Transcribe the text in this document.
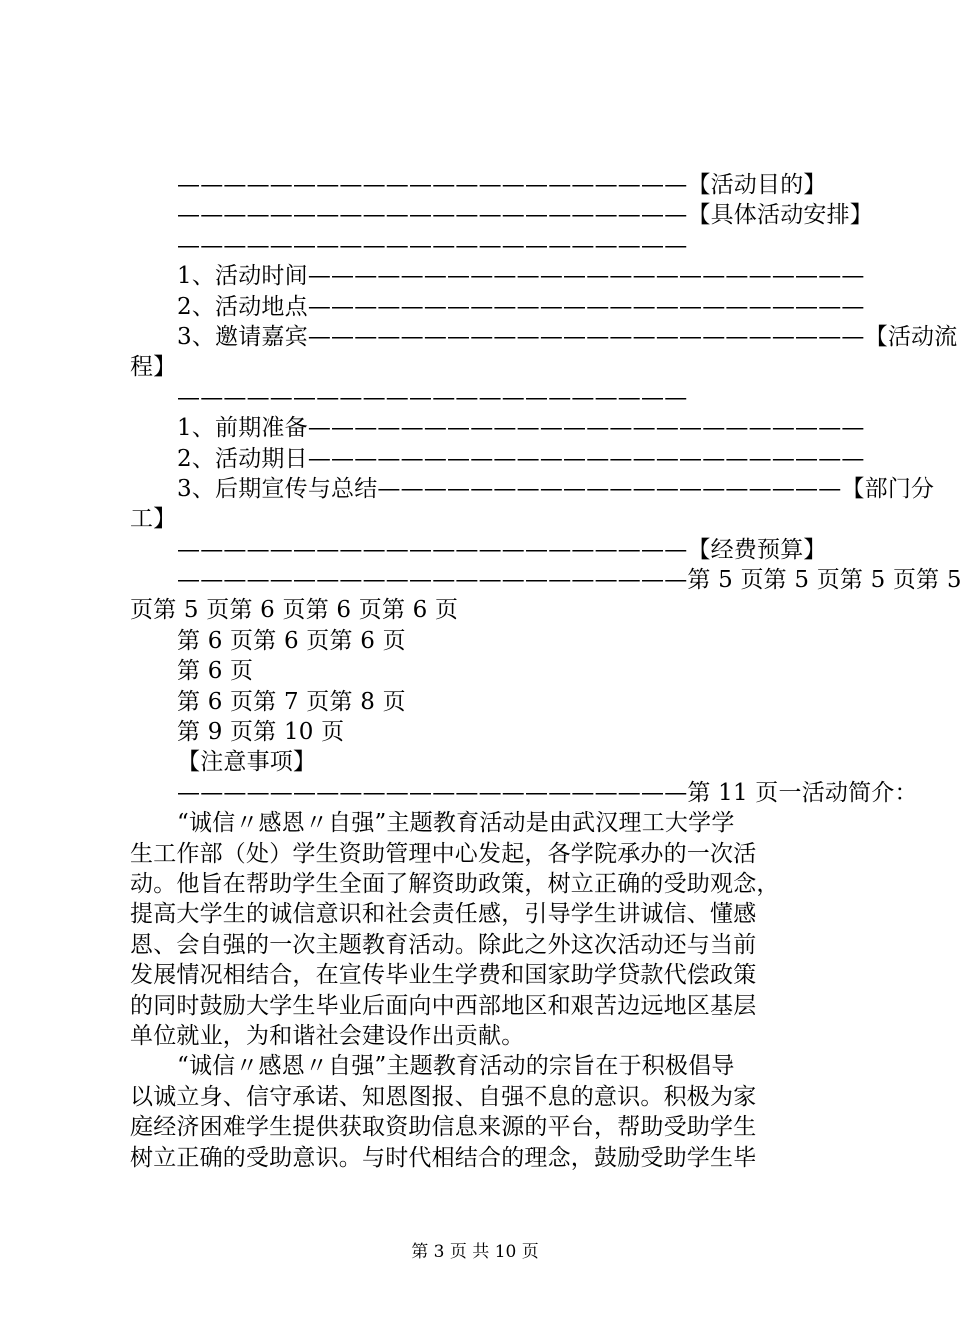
——————————————————————【活动目的】
——————————————————————【具体活动安排】
——————————————————————
1、活动时间————————————————————————
2、活动地点————————————————————————
3、邀请嘉宾————————————————————————【活动流
程】
——————————————————————
1、前期准备————————————————————————
2、活动期日————————————————————————
3、后期宣传与总结————————————————————【部门分
工】
——————————————————————【经费预算】
——————————————————————第 5 页第 5 页第 5 页第 5
页第 5 页第 6 页第 6 页第 6 页
第 6 页第 6 页第 6 页
第 6 页
第 6 页第 7 页第 8 页
第 9 页第 10 页
【注意事项】
——————————————————————第 11 页一活动简介：
“诚信〃感恩〃自强”主题教育活动是由武汉理工大学学
生工作部（处）学生资助管理中心发起，各学院承办的一次活
动。他旨在帮助学生全面了解资助政策，树立正确的受助观念，
提高大学生的诚信意识和社会责任感，引导学生讲诚信、懂感
恩、会自强的一次主题教育活动。除此之外这次活动还与当前
发展情况相结合，在宣传毕业生学费和国家助学贷款代偿政策
的同时鼓励大学生毕业后面向中西部地区和艰苦边远地区基层
单位就业，为和谐社会建设作出贡献。
“诚信〃感恩〃自强”主题教育活动的宗旨在于积极倡导
以诚立身、信守承诺、知恩图报、自强不息的意识。积极为家
庭经济困难学生提供获取资助信息来源的平台，帮助受助学生
树立正确的受助意识。与时代相结合的理念，鼓励受助学生毕
第 3 页 共 10 页
